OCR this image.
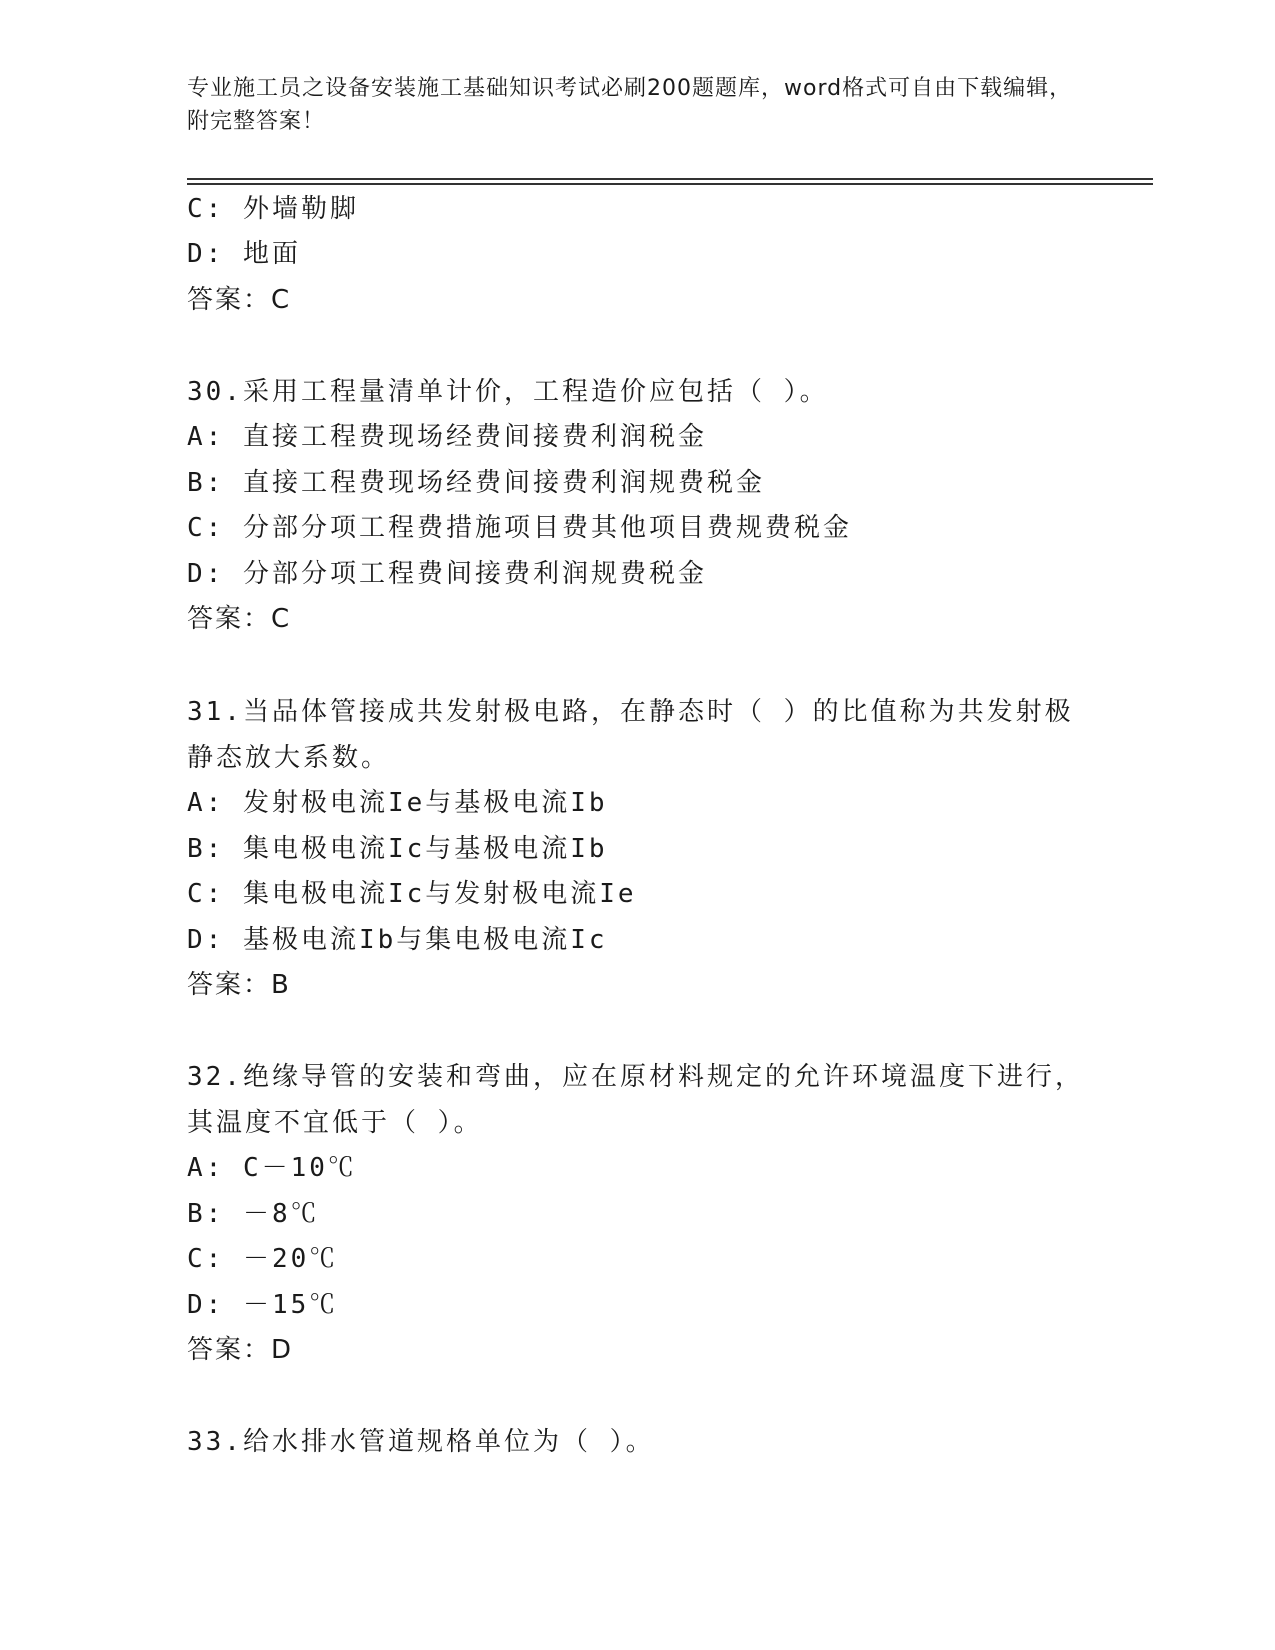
专业施工员之设备安装施工基础知识考试必刷200题题库，word格式可自由下载编辑，附完整答案！
C: 外墙勒脚
D: 地面
答案：C
30.采用工程量清单计价，工程造价应包括（ ）。
A: 直接工程费现场经费间接费利润税金
B: 直接工程费现场经费间接费利润规费税金
C: 分部分项工程费措施项目费其他项目费规费税金
D: 分部分项工程费间接费利润规费税金
答案：C
31.当品体管接成共发射极电路，在静态时（ ）的比值称为共发射极
静态放大系数。
A: 发射极电流Ie与基极电流Ib
B: 集电极电流Ic与基极电流Ib
C: 集电极电流Ic与发射极电流Ie
D: 基极电流Ib与集电极电流Ic
答案：B
32.绝缘导管的安装和弯曲，应在原材料规定的允许环境温度下进行，
其温度不宜低于（ ）。
A: C－10℃
B: －8℃
C: －20℃
D: －15℃
答案：D
33.给水排水管道规格单位为（ ）。
